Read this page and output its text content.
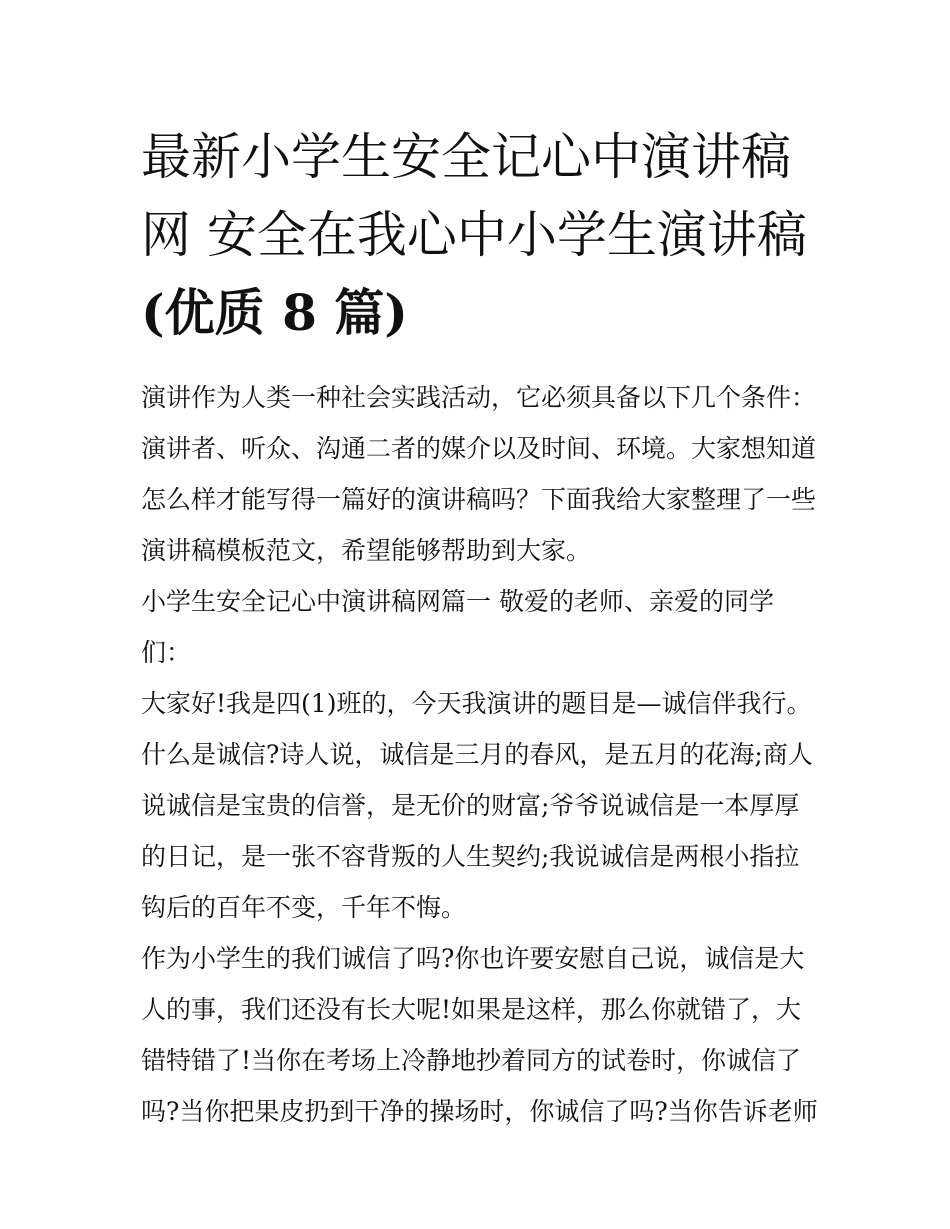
最新小学生安全记心中演讲稿
网 安全在我心中小学生演讲稿
(优质 8 篇)

演讲作为人类一种社会实践活动，它必须具备以下几个条件：
演讲者、听众、沟通二者的媒介以及时间、环境。大家想知道
怎么样才能写得一篇好的演讲稿吗？下面我给大家整理了一些
演讲稿模板范文，希望能够帮助到大家。

小学生安全记心中演讲稿网篇一 敬爱的老师、亲爱的同学
们：

大家好!我是四(1)班的，今天我演讲的题目是—诚信伴我行。
什么是诚信?诗人说，诚信是三月的春风，是五月的花海;商人
说诚信是宝贵的信誉，是无价的财富;爷爷说诚信是一本厚厚
的日记，是一张不容背叛的人生契约;我说诚信是两根小指拉
钩后的百年不变，千年不悔。

作为小学生的我们诚信了吗?你也许要安慰自己说，诚信是大
人的事，我们还没有长大呢!如果是这样，那么你就错了，大
错特错了!当你在考场上冷静地抄着同方的试卷时，你诚信了
吗?当你把果皮扔到干净的操场时，你诚信了吗?当你告诉老师
